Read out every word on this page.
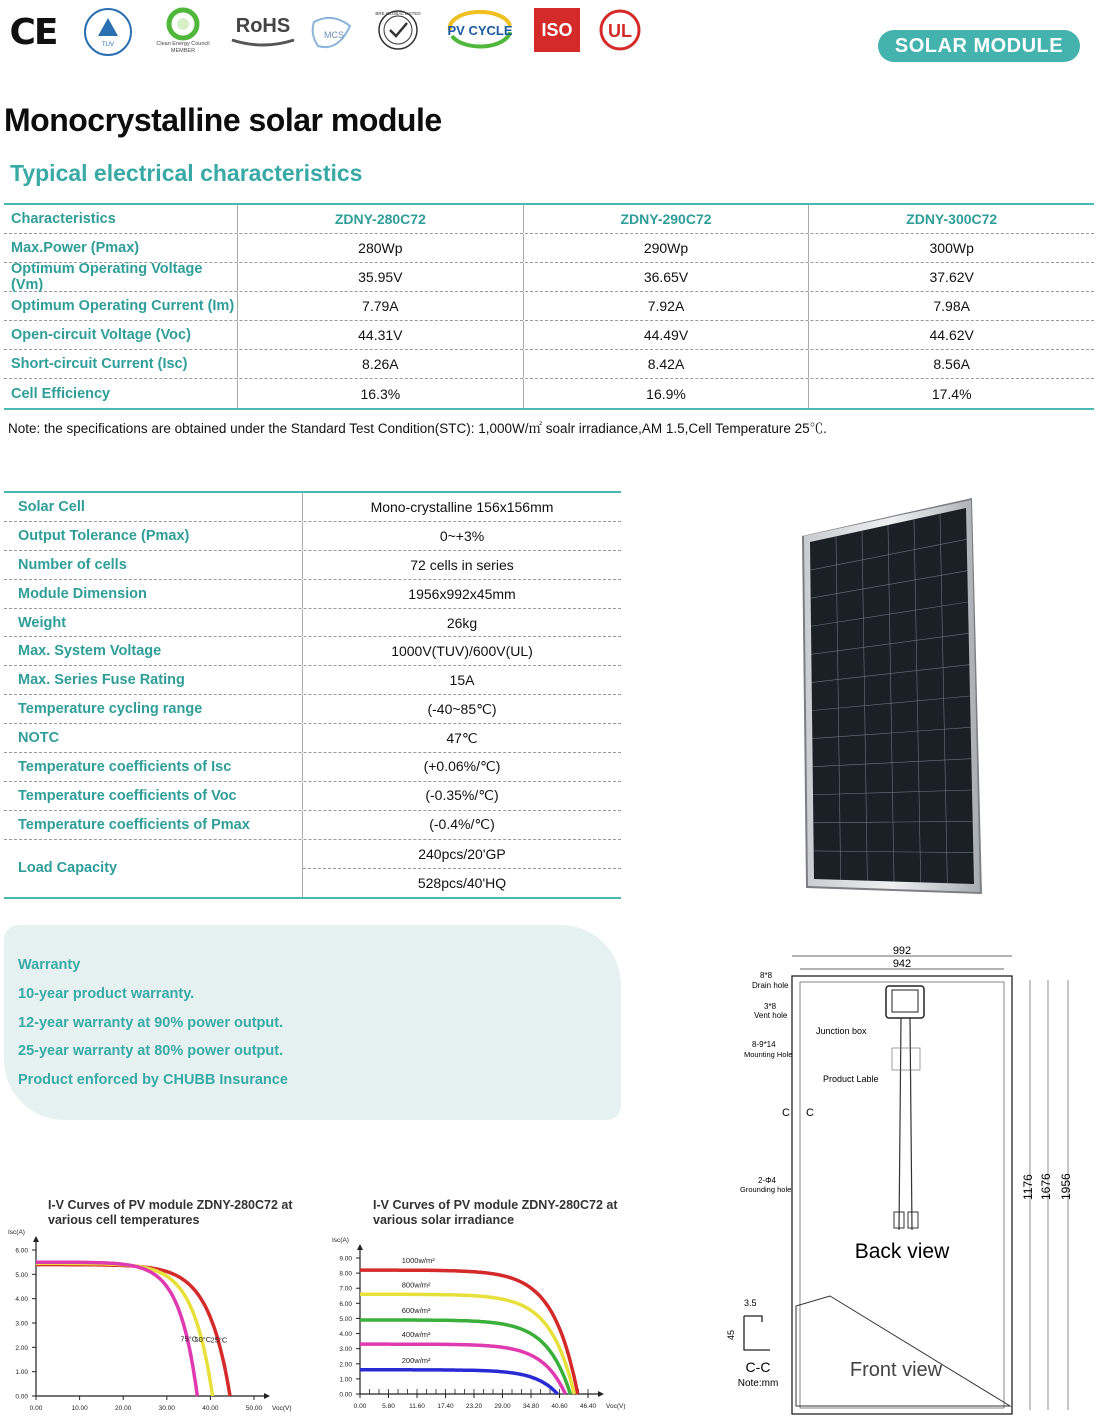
CE	TUV	Clean Energy Council MEMBER
RoHS	MCS
BRE GLOBAL LISTED
PV CYCLE ISO UL
SOLAR MODULE
Monocrystalline solar module
Typical electrical characteristics
Characteristics	ZDNY-280C72	ZDNY-290C72	ZDNY-300C72
Max.Power (Pmax)	280Wp	290Wp	300Wp
Optimum Operating Voltage (Vm)	35.95V	36.65V	37.62V
Optimum Operating Current (Im)	7.79A	7.92A	7.98A
Open-circuit Voltage (Voc)	44.31V	44.49V	44.62V
Short-circuit Current (Isc)	8.26A	8.42A	8.56A
Cell Efficiency	16.3%	16.9%	17.4%
Note: the specifications are obtained under the Standard Test Condition(STC): 1,000W/㎡ soalr irradiance,AM 1.5,Cell Temperature 25℃.
Solar Cell	Mono-crystalline 156x156mm
Output Tolerance (Pmax)	0~+3%
Number of cells	72 cells in series
Module Dimension	1956x992x45mm
Weight	26kg
Max. System Voltage	1000V(TUV)/600V(UL)
Max. Series Fuse Rating	15A
Temperature cycling range	(-40~85℃)
NOTC	47℃
Temperature coefficients of Isc	(+0.06%/℃)
Temperature coefficients of Voc	(-0.35%/℃)
Temperature coefficients of Pmax	(-0.4%/℃)
Load Capacity
240pcs/20'GP
528pcs/40'HQ
Warranty
10-year product warranty.
12-year warranty at 90% power output.
25-year warranty at 80% power output.
Product enforced by CHUBB Insurance
992
942
8*8
Drain hole
3*8
Vent hole
8-9*14
Mounting Hole
Junction box
Product Lable
C C
2-Φ4
Grounding hole
Back view
Front view
1176 1676 1956
3.5
45
C-C
Note:mm
I-V Curves of PV module ZDNY-280C72 at various cell temperatures
I-V Curves of PV module ZDNY-280C72 at various solar irradiance
0.00
1.00
2.00
3.00
4.00
5.00
6.00
0.00	10.00	20.00	30.00	40.00	50.00
Isc(A)
Voc(V)
25°C
50°C
75°C
0.00
1.00
2.00
3.00
4.00
5.00
6.00
7.00
8.00
9.00
0.00 5.80 11.60 17.40 23.20 29.00 34.80 40.60 46.40
Isc(A)
Voc(V)
1000w/m²
800w/m²
600w/m²
400w/m²
200w/m²
